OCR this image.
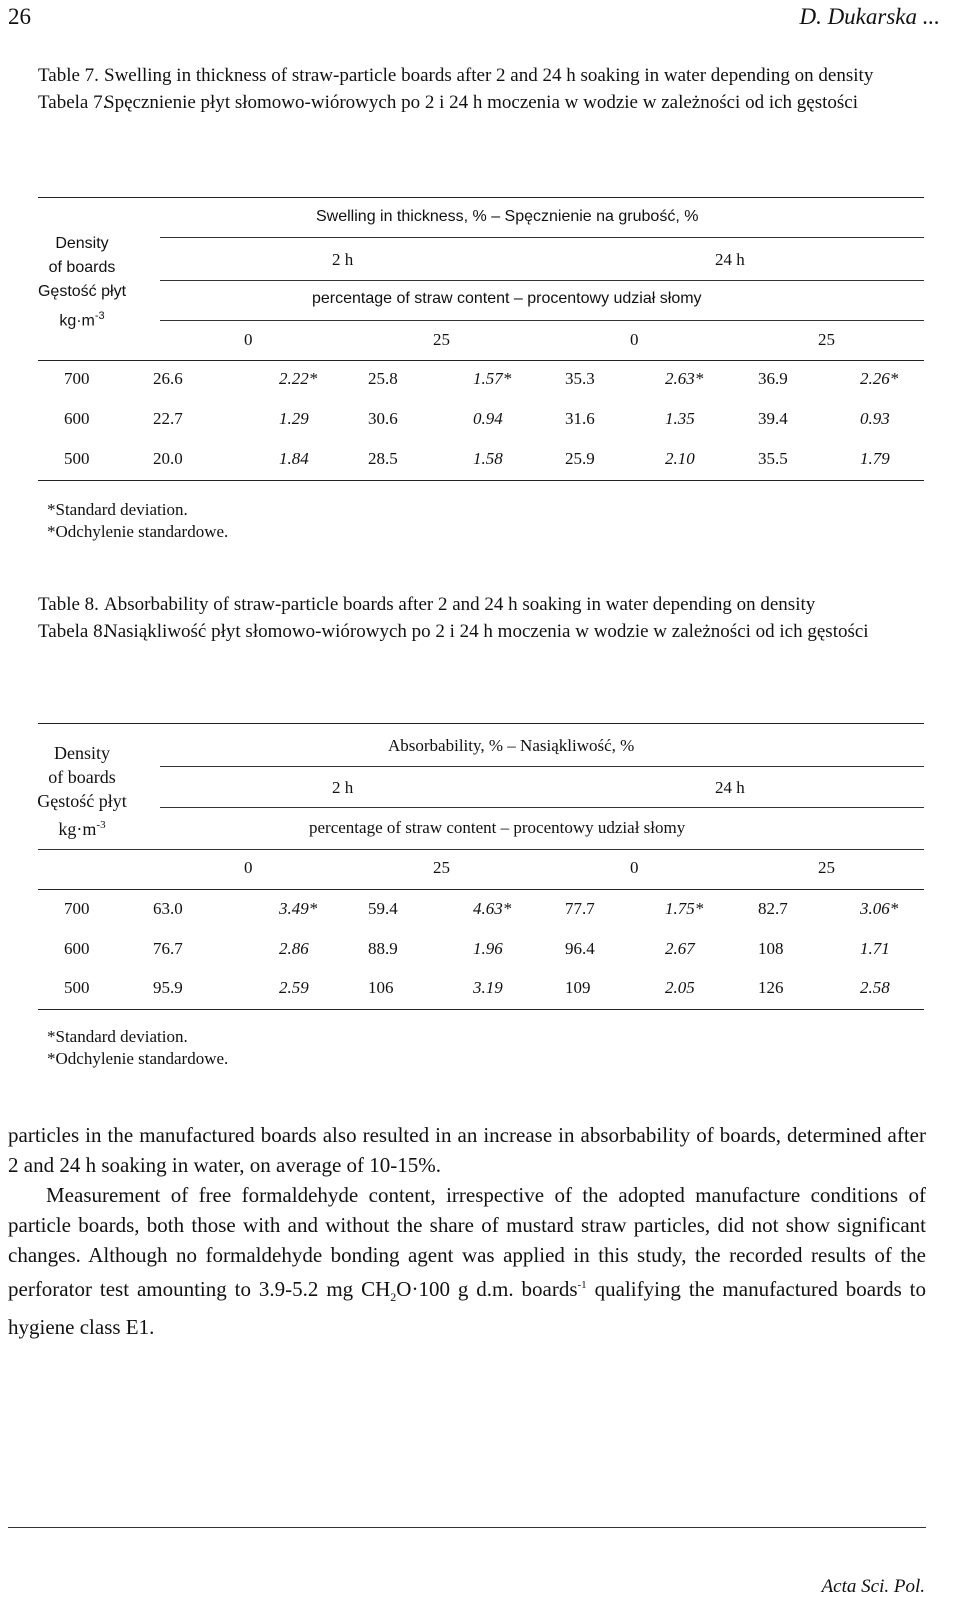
26	D. Dukarska ...
Table 7. Swelling in thickness of straw-particle boards after 2 and 24 h soaking in water depending on density
Tabela 7.
Spęcznienie płyt słomowo-wiórowych po 2 i 24 h moczenia w wodzie w zależności od ich gęstości
Density
of boards
Gęstość płyt
$kg\cdot m^{-3}$
Swelling in thickness, % – Spęcznienie na grubość, %
2 h	24 h
percentage of straw content – procentowy udział słomy
0	25	0	25
700	26.6	2.22*	25.8	1.57*	35.3	2.63*	36.9	2.26*
600	22.7	1.29	30.6	0.94	31.6	1.35	39.4	0.93
500	20.0	1.84	28.5	1.58	25.9	2.10	35.5	1.79
*Standard deviation.
*Odchylenie standardowe.
Table 8. Absorbability of straw-particle boards after 2 and 24 h soaking in water depending on density
Tabela 8.
Nasiąkliwość płyt słomowo-wiórowych po 2 i 24 h moczenia w wodzie w zależności od ich gęstości
Density
of boards
Gęstość płyt
$kg\cdot m^{-3}$
Absorbability, % – Nasiąkliwość, %
2 h	24 h
percentage of straw content – procentowy udział słomy
0	25	0	25
700	63.0	3.49*	59.4	4.63*	77.7	1.75*	82.7	3.06*
600	76.7	2.86	88.9	1.96	96.4	2.67	108	1.71
500	95.9	2.59	106	3.19	109	2.05	126	2.58
*Standard deviation.
*Odchylenie standardowe.

particles in the manufactured boards also resulted in an increase in absorbability of boards, determined after 2 and 24 h soaking in water, on average of 10-15%.

Measurement of free formaldehyde content, irrespective of the adopted manufacture conditions of particle boards, both those with and without the share of mustard straw particles, did not show significant changes. Although no formaldehyde bonding agent was applied in this study, the recorded results of the perforator test amounting to 3.9-5.2 mg $CH_2O\cdot 100$ g d.m. boards$^{-1}$ qualifying the manufactured boards to hygiene class E1.

Acta Sci. Pol.
